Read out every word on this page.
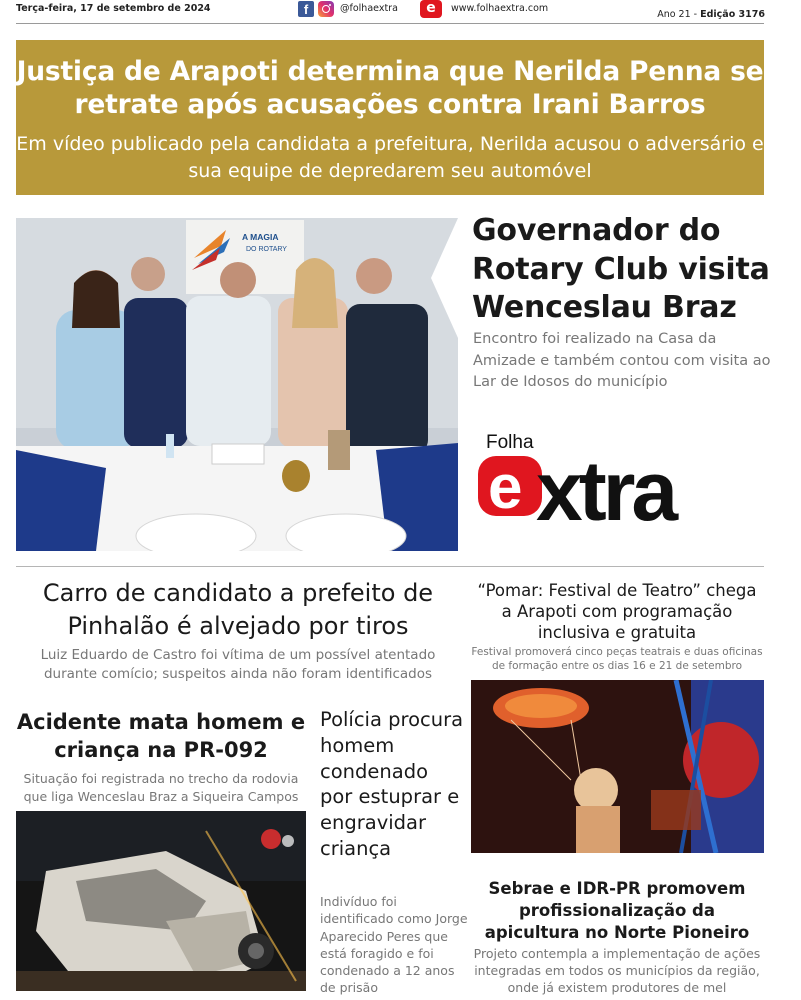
Terça-feira, 17 de setembro de 2024	f	@folhaextra	e	www.folhaextra.com
Ano 21 - Edição 3176
Justiça de Arapoti determina que Nerilda Penna se retrate após acusações contra Irani Barros
Em vídeo publicado pela candidata a prefeitura, Nerilda acusou o adversário e sua equipe de depredarem seu automóvel
A MAGIA
DO ROTARY
Governador do Rotary Club visita Wenceslau Braz
Encontro foi realizado na Casa da Amizade e também contou com visita ao Lar de Idosos do município
Folha
e xtra
Carro de candidato a prefeito de Pinhalão é alvejado por tiros
Luiz Eduardo de Castro foi vítima de um possível atentado durante comício; suspeitos ainda não foram identificados
“Pomar: Festival de Teatro” chega a Arapoti com programação inclusiva e gratuita
Festival promoverá cinco peças teatrais e duas oficinas de formação entre os dias 16 e 21 de setembro
Acidente mata homem e criança na PR-092
Situação foi registrada no trecho da rodovia que liga Wenceslau Braz a Siqueira Campos
Polícia procura homem condenado por estuprar e engravidar criança
Indivíduo foi identificado como Jorge Aparecido Peres que está foragido e foi condenado a 12 anos de prisão
Sebrae e IDR-PR promovem profissionalização da apicultura no Norte Pioneiro
Projeto contempla a implementação de ações integradas em todos os municípios da região, onde já existem produtores de mel
